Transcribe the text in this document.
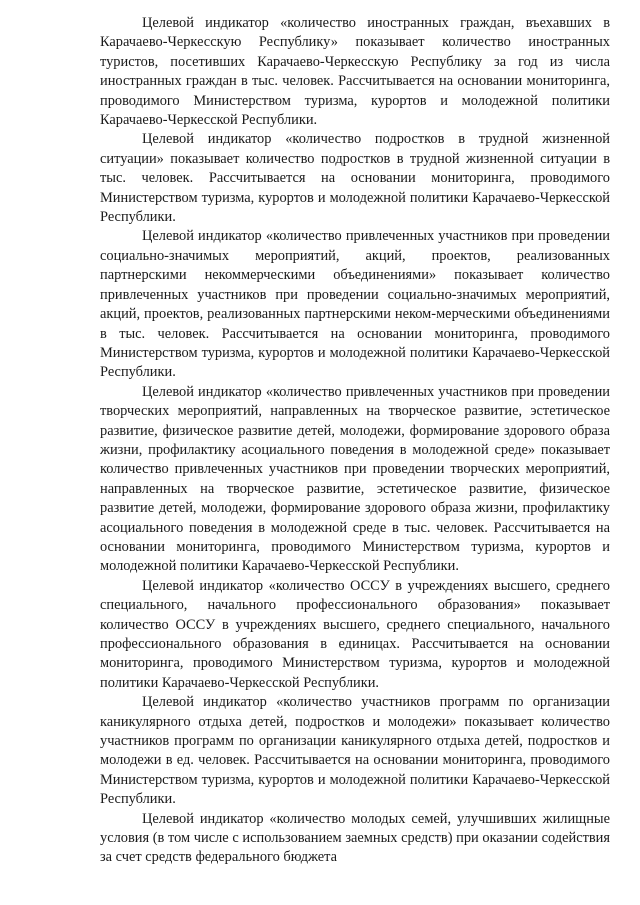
Целевой индикатор «количество иностранных граждан, въехавших в Карачаево-Черкесскую Республику» показывает количество иностранных туристов, посетивших Карачаево-Черкесскую Республику за год из числа иностранных граждан в тыс. человек. Рассчитывается на основании мониторинга, проводимого Министерством туризма, курортов и молодежной политики Карачаево-Черкесской Республики.

Целевой индикатор «количество подростков в трудной жизненной ситуации» показывает количество подростков в трудной жизненной ситуации в тыс. человек. Рассчитывается на основании мониторинга, проводимого Министерством туризма, курортов и молодежной политики Карачаево-Черкесской Республики.

Целевой индикатор «количество привлеченных участников при проведении социально-значимых мероприятий, акций, проектов, реализованных партнерскими некоммерческими объединениями» показывает количество привлеченных участников при проведении социально-значимых мероприятий, акций, проектов, реализованных партнерскими неком-мерческими объединениями в тыс. человек. Рассчитывается на основании мониторинга, проводимого Министерством туризма, курортов и молодежной политики Карачаево-Черкесской Республики.

Целевой индикатор «количество привлеченных участников при проведении творческих мероприятий, направленных на творческое развитие, эстетическое развитие, физическое развитие детей, молодежи, формирование здорового образа жизни, профилактику асоциального поведения в молодежной среде» показывает количество привлеченных участников при проведении творческих мероприятий, направленных на творческое развитие, эстетическое развитие, физическое развитие детей, молодежи, формирование здорового образа жизни, профилактику асоциального поведения в молодежной среде в тыс. человек. Рассчитывается на основании мониторинга, проводимого Министерством туризма, курортов и молодежной политики Карачаево-Черкесской Республики.

Целевой индикатор «количество ОССУ в учреждениях высшего, среднего специального, начального профессионального образования» показывает количество ОССУ в учреждениях высшего, среднего специального, начального профессионального образования в единицах. Рассчитывается на основании мониторинга, проводимого Министерством туризма, курортов и молодежной политики Карачаево-Черкесской Республики.

Целевой индикатор «количество участников программ по организации каникулярного отдыха детей, подростков и молодежи» показывает количество участников программ по организации каникулярного отдыха детей, подростков и молодежи в ед. человек. Рассчитывается на основании мониторинга, проводимого Министерством туризма, курортов и молодежной политики Карачаево-Черкесской Республики.

Целевой индикатор «количество молодых семей, улучшивших жилищные условия (в том числе с использованием заемных средств) при оказании содействия за счет средств федерального бюджета
